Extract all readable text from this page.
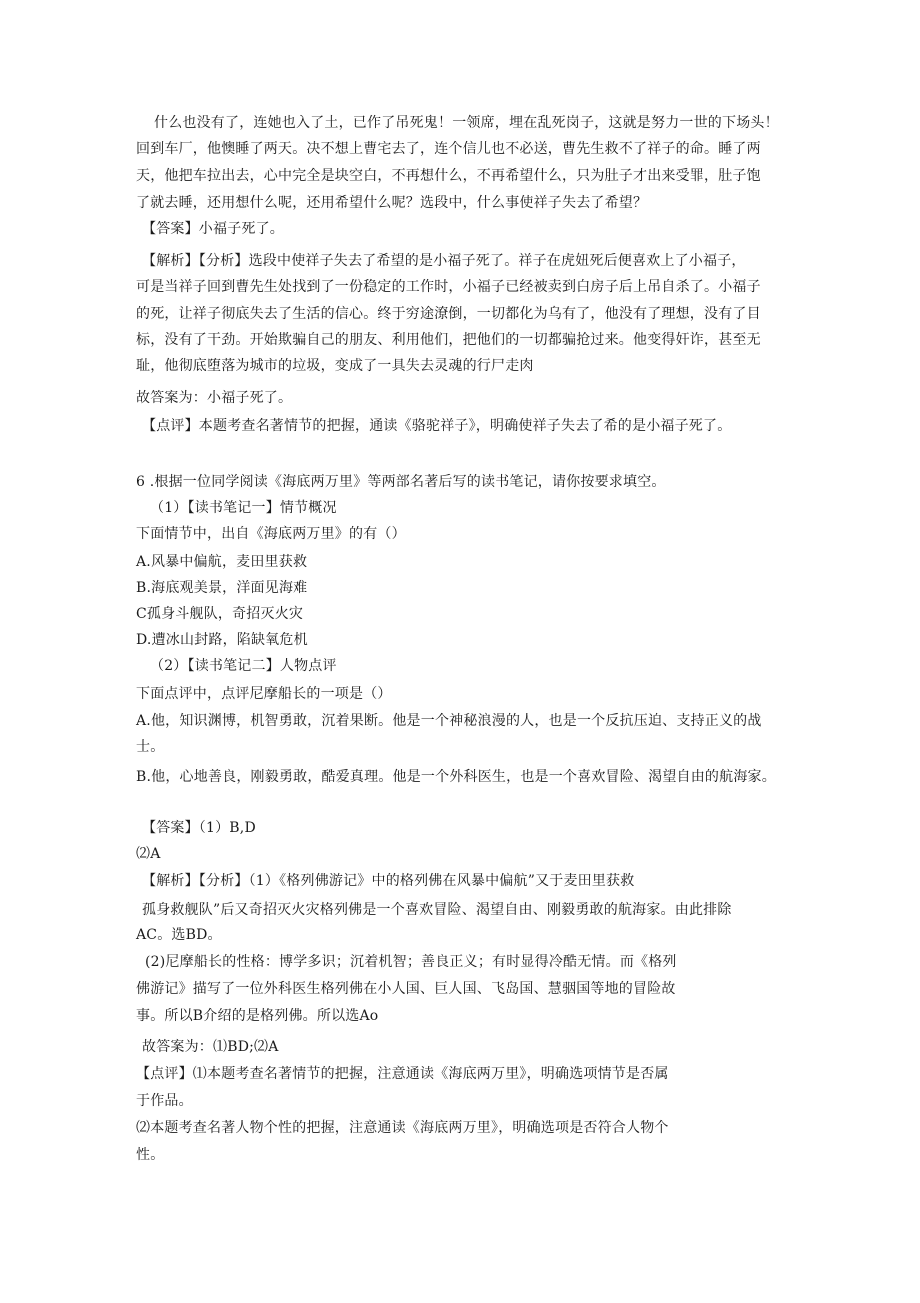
什么也没有了，连她也入了土，已作了吊死鬼！一领席，埋在乱死岗子，这就是努力一世的下场头！
回到车厂，他懊睡了两天。决不想上曹宅去了，连个信儿也不必送，曹先生救不了祥子的命。睡了两
天，他把车拉出去，心中完全是块空白，不再想什么，不再希望什么，只为肚子才出来受罪，肚子饱
了就去睡，还用想什么呢，还用希望什么呢？选段中，什么事使祥子失去了希望？
【答案】小福子死了。
【解析】【分析】选段中使祥子失去了希望的是小福子死了。祥子在虎妞死后便喜欢上了小福子，
可是当祥子回到曹先生处找到了一份稳定的工作时，小福子已经被卖到白房子后上吊自杀了。小福子
的死，让祥子彻底失去了生活的信心。终于穷途潦倒，一切都化为乌有了，他没有了理想，没有了目
标，没有了干劲。开始欺骗自己的朋友、利用他们，把他们的一切都骗抢过来。他变得奸诈，甚至无
耻，他彻底堕落为城市的垃圾，变成了一具失去灵魂的行尸走肉
故答案为：小福子死了。
【点评】本题考查名著情节的把握，通读《骆驼祥子》，明确使祥子失去了希的是小福子死了。
6 .根据一位同学阅读《海底两万里》等两部名著后写的读书笔记，请你按要求填空。
（1）【读书笔记一】情节概况
下面情节中，出自《海底两万里》的有（）
A.风暴中偏航，麦田里获救
B.海底观美景，洋面见海难
C孤身斗舰队，奇招灭火灾
D.遭冰山封路，陷缺氧危机
（2）【读书笔记二】人物点评
下面点评中，点评尼摩船长的一项是（）
A.他，知识渊博，机智勇敢，沉着果断。他是一个神秘浪漫的人，也是一个反抗压迫、支持正义的战
士。
B.他，心地善良，刚毅勇敢，酷爱真理。他是一个外科医生，也是一个喜欢冒险、渴望自由的航海家。
【答案】（1）B,D
⑵A
【解析】【分析】（1）《格列佛游记》中的格列佛在风暴中偏航”又于麦田里获救
孤身救舰队”后又奇招灭火灾格列佛是一个喜欢冒险、渴望自由、刚毅勇敢的航海家。由此排除
AC。选BD。
(2)尼摩船长的性格：博学多识；沉着机智；善良正义；有时显得冷酷无情。而《格列
佛游记》描写了一位外科医生格列佛在小人国、巨人国、飞岛国、慧骃国等地的冒险故
事。所以B介绍的是格列佛。所以选Ao
故答案为：⑴BD;⑵A
【点评】⑴本题考查名著情节的把握，注意通读《海底两万里》，明确选项情节是否属
于作品。
⑵本题考查名著人物个性的把握，注意通读《海底两万里》，明确选项是否符合人物个
性。
